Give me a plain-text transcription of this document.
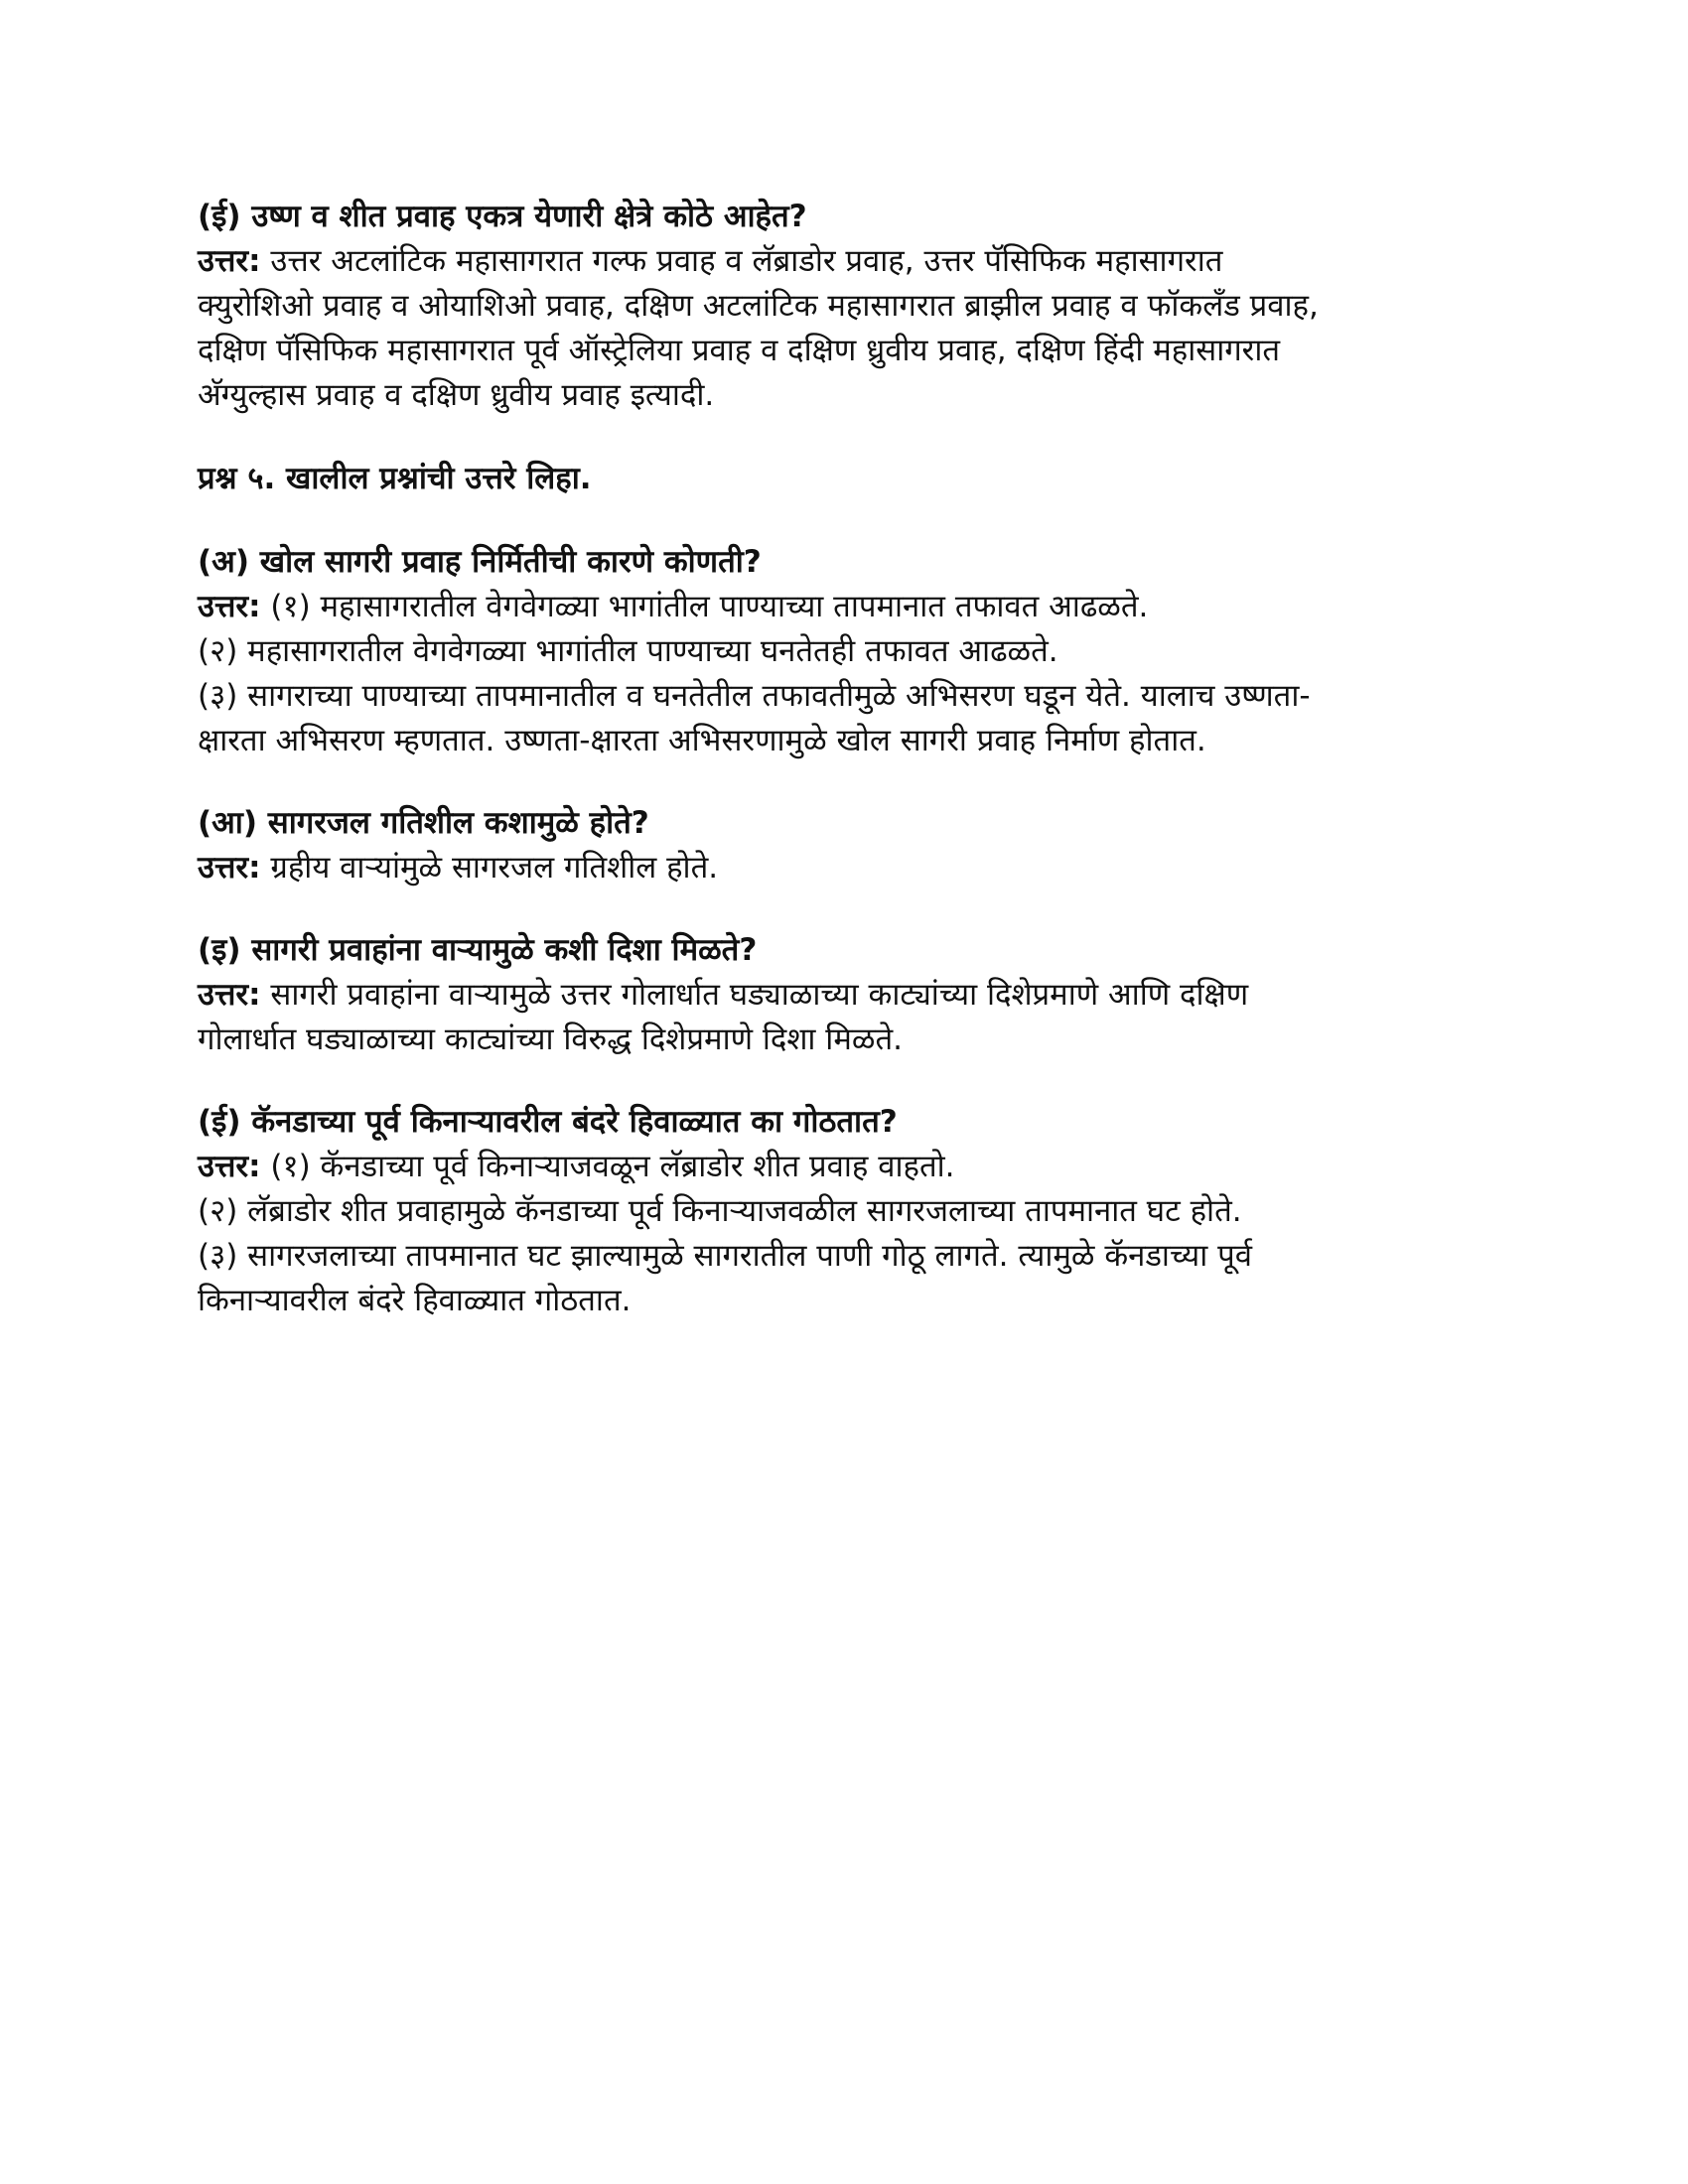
(ई) उष्ण व शीत प्रवाह एकत्र येणारी क्षेत्रे कोठे आहेत?

उत्तर: उत्तर अटलांटिक महासागरात गल्फ प्रवाह व लॅब्राडोर प्रवाह, उत्तर पॅसिफिक महासागरात

क्युरोशिओ प्रवाह व ओयाशिओ प्रवाह, दक्षिण अटलांटिक महासागरात ब्राझील प्रवाह व फॉकलँड प्रवाह,

दक्षिण पॅसिफिक महासागरात पूर्व ऑस्ट्रेलिया प्रवाह व दक्षिण ध्रुवीय प्रवाह, दक्षिण हिंदी महासागरात

अ‍ॅग्युल्हास प्रवाह व दक्षिण ध्रुवीय प्रवाह इत्यादी.

प्रश्न ५. खालील प्रश्नांची उत्तरे लिहा.

(अ) खोल सागरी प्रवाह निर्मितीची कारणे कोणती?

उत्तर: (१) महासागरातील वेगवेगळ्या भागांतील पाण्याच्या तापमानात तफावत आढळते.

(२) महासागरातील वेगवेगळ्या भागांतील पाण्याच्या घनतेतही तफावत आढळते.

(३) सागराच्या पाण्याच्या तापमानातील व घनतेतील तफावतीमुळे अभिसरण घडून येते. यालाच उष्णता-

क्षारता अभिसरण म्हणतात. उष्णता-क्षारता अभिसरणामुळे खोल सागरी प्रवाह निर्माण होतात.

(आ) सागरजल गतिशील कशामुळे होते?

उत्तर: ग्रहीय वाऱ्यांमुळे सागरजल गतिशील होते.

(इ) सागरी प्रवाहांना वाऱ्यामुळे कशी दिशा मिळते?

उत्तर: सागरी प्रवाहांना वाऱ्यामुळे उत्तर गोलार्धात घड्याळाच्या काट्यांच्या दिशेप्रमाणे आणि दक्षिण

गोलार्धात घड्याळाच्या काट्यांच्या विरुद्ध दिशेप्रमाणे दिशा मिळते.

(ई) कॅनडाच्या पूर्व किनाऱ्यावरील बंदरे हिवाळ्यात का गोठतात?

उत्तर: (१) कॅनडाच्या पूर्व किनाऱ्याजवळून लॅब्राडोर शीत प्रवाह वाहतो.

(२) लॅब्राडोर शीत प्रवाहामुळे कॅनडाच्या पूर्व किनाऱ्याजवळील सागरजलाच्या तापमानात घट होते.

(३) सागरजलाच्या तापमानात घट झाल्यामुळे सागरातील पाणी गोठू लागते. त्यामुळे कॅनडाच्या पूर्व

किनाऱ्यावरील बंदरे हिवाळ्यात गोठतात.
